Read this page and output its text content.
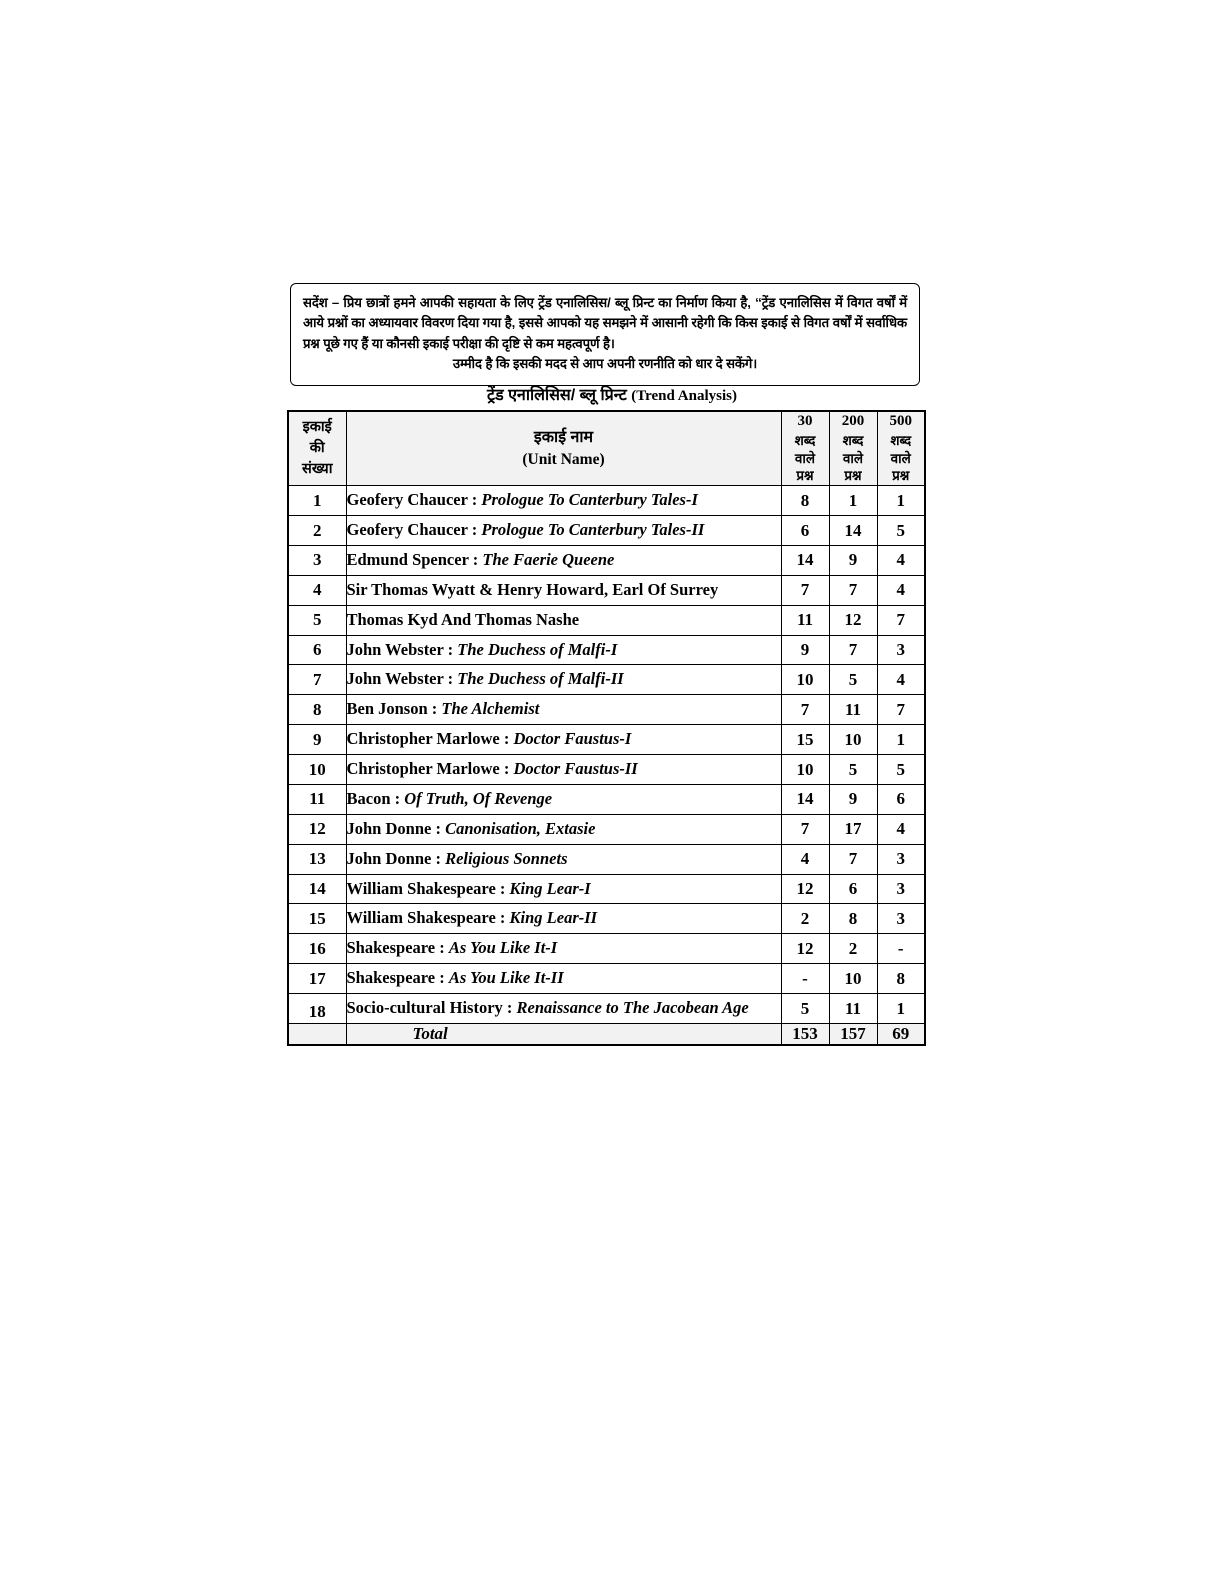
सदेंश – प्रिय छात्रों हमने आपकी सहायता के लिए ट्रेंड एनालिसिस/ ब्लू प्रिन्ट का निर्माण किया है, ‘‘ट्रेंड एनालिसिस में विगत वर्षों में आये प्रश्नों का अध्यायवार विवरण दिया गया है, इससे आपको यह समझने में आसानी रहेगी कि किस इकाई से विगत वर्षों में सर्वाधिक प्रश्न पूछे गए हैं या कौनसी इकाई परीक्षा की दृष्टि से कम महत्वपूर्ण है।
उम्मीद है कि इसकी मदद से आप अपनी रणनीति को धार दे सकेंगे।
ट्रेंड एनालिसिस/ ब्लू प्रिन्ट (Trend Analysis)
इकाई
की
संख्या

इकाई नाम
(Unit Name)

30
शब्द
वाले
प्रश्न

200
शब्द
वाले
प्रश्न

500
शब्द
वाले
प्रश्न

1	Geofery Chaucer : Prologue To Canterbury Tales-I	8	1	1
2	Geofery Chaucer : Prologue To Canterbury Tales-II	6	14	5
3	Edmund Spencer : The Faerie Queene	14	9	4
4	Sir Thomas Wyatt & Henry Howard, Earl Of Surrey	7	7	4
5	Thomas Kyd And Thomas Nashe	11	12	7
6	John Webster : The Duchess of Malfi-I	9	7	3
7	John Webster : The Duchess of Malfi-II	10	5	4
8	Ben Jonson : The Alchemist	7	11	7
9	Christopher Marlowe : Doctor Faustus-I	15	10	1
10	Christopher Marlowe : Doctor Faustus-II	10	5	5
11	Bacon : Of Truth, Of Revenge	14	9	6
12	John Donne : Canonisation, Extasie	7	17	4
13	John Donne : Religious Sonnets	4	7	3
14	William Shakespeare : King Lear-I	12	6	3
15	William Shakespeare : King Lear-II	2	8	3
16	Shakespeare : As You Like It-I	12	2	-
17	Shakespeare : As You Like It-II	-	10	8
18	Socio-cultural History : Renaissance to The Jacobean Age	5	11	1
	Total	153	157	69
